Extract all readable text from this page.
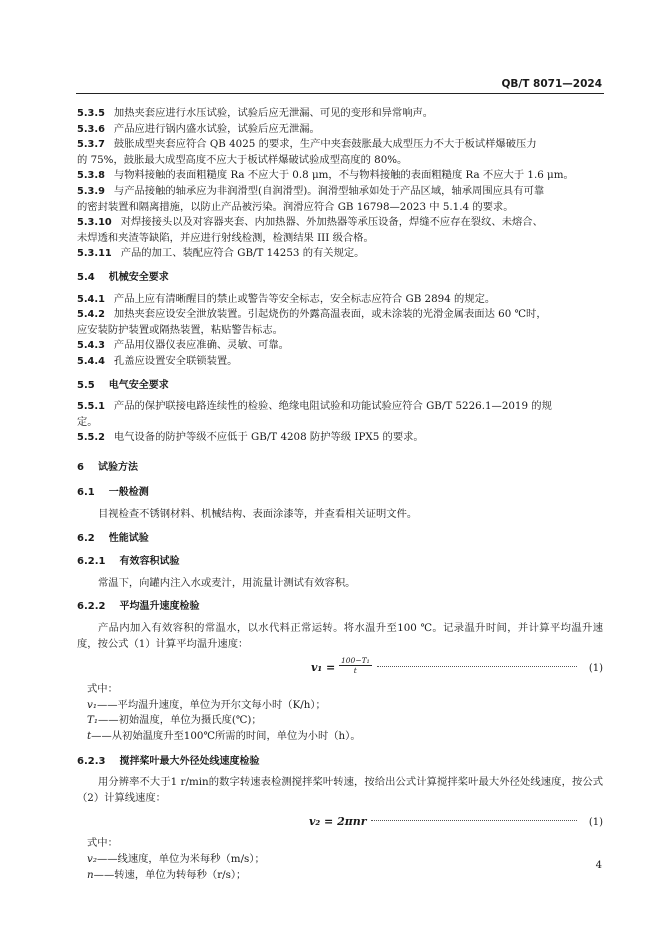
QB/T 8071—2024

5.3.5 加热夹套应进行水压试验，试验后应无泄漏、可见的变形和异常响声。

5.3.6 产品应进行锅内盛水试验，试验后应无泄漏。

5.3.7 鼓胀成型夹套应符合 QB 4025 的要求，生产中夹套鼓胀最大成型压力不大于板试样爆破压力

的 75%，鼓胀最大成型高度不应大于板试样爆破试验成型高度的 80%。

5.3.8 与物料接触的表面粗糙度 Ra 不应大于 0.8 μm，不与物料接触的表面粗糙度 Ra 不应大于 1.6 μm。

5.3.9 与产品接触的轴承应为非润滑型(自润滑型)。润滑型轴承如处于产品区域，轴承周围应具有可靠

的密封装置和隔离措施，以防止产品被污染。润滑应符合 GB 16798—2023 中 5.1.4 的要求。

5.3.10 对焊接接头以及对容器夹套、内加热器、外加热器等承压设备，焊缝不应存在裂纹、未熔合、

未焊透和夹渣等缺陷，并应进行射线检测，检测结果 III 级合格。

5.3.11 产品的加工、装配应符合 GB/T 14253 的有关规定。

5.4 机械安全要求

5.4.1 产品上应有清晰醒目的禁止或警告等安全标志，安全标志应符合 GB 2894 的规定。

5.4.2 加热夹套应设安全泄放装置。引起烧伤的外露高温表面，或未涂装的光滑金属表面达 60 ℃时，

应安装防护装置或隔热装置，粘贴警告标志。

5.4.3 产品用仪器仪表应准确、灵敏、可靠。

5.4.4 孔盖应设置安全联锁装置。

5.5 电气安全要求

5.5.1 产品的保护联接电路连续性的检验、绝缘电阻试验和功能试验应符合 GB/T 5226.1—2019 的规

定。

5.5.2 电气设备的防护等级不应低于 GB/T 4208 防护等级 IPX5 的要求。

6 试验方法
6.1 一般检测

目视检查不锈钢材料、机械结构、表面涂漆等，并查看相关证明文件。

6.2 性能试验
6.2.1 有效容积试验

常温下，向罐内注入水或麦汁，用流量计测试有效容积。

6.2.2 平均温升速度检验

产品内加入有效容积的常温水，以水代料正常运转。将水温升至100 ℃。记录温升时间，并计算平均温升速度，按公式（1）计算平均温升速度：

$v_1 = \frac{\text{100−T₁}}{t}$	(1)

式中：

v₁——平均温升速度，单位为开尔文每小时（K/h）；

T₁——初始温度，单位为摄氏度(℃)；

t——从初始温度升至100℃所需的时间，单位为小时（h）。

6.2.3 搅拌桨叶最大外径处线速度检验

用分辨率不大于1 r/min的数字转速表检测搅拌桨叶转速，按给出公式计算搅拌桨叶最大外径处线速度，按公式（2）计算线速度：

v₂ = 2πnr	(1)

式中：

v₂——线速度，单位为米每秒（m/s）；

n——转速，单位为转每秒（r/s）；

4
